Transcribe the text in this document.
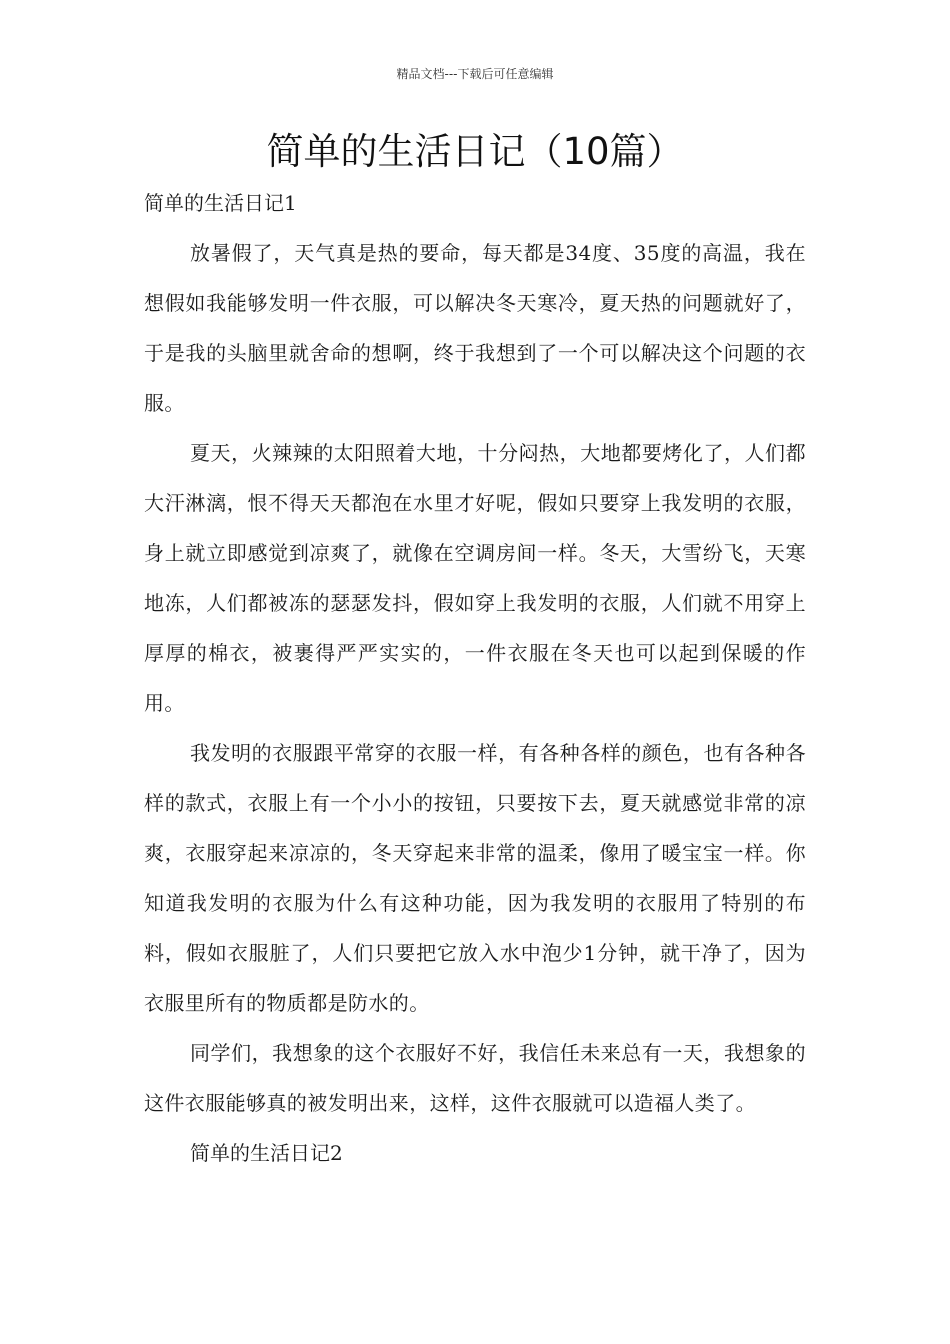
精品文档---下载后可任意编辑
简单的生活日记（10篇）
简单的生活日记1

放暑假了，天气真是热的要命，每天都是34度、35度的高温，我在想假如我能够发明一件衣服，可以解决冬天寒冷，夏天热的问题就好了，于是我的头脑里就舍命的想啊，终于我想到了一个可以解决这个问题的衣服。

夏天，火辣辣的太阳照着大地，十分闷热，大地都要烤化了，人们都大汗淋漓，恨不得天天都泡在水里才好呢，假如只要穿上我发明的衣服，身上就立即感觉到凉爽了，就像在空调房间一样。冬天，大雪纷飞，天寒地冻，人们都被冻的瑟瑟发抖，假如穿上我发明的衣服，人们就不用穿上厚厚的棉衣，被裹得严严实实的，一件衣服在冬天也可以起到保暖的作用。

我发明的衣服跟平常穿的衣服一样，有各种各样的颜色，也有各种各样的款式，衣服上有一个小小的按钮，只要按下去，夏天就感觉非常的凉爽，衣服穿起来凉凉的，冬天穿起来非常的温柔，像用了暖宝宝一样。你知道我发明的衣服为什么有这种功能，因为我发明的衣服用了特别的布料，假如衣服脏了，人们只要把它放入水中泡少1分钟，就干净了，因为衣服里所有的物质都是防水的。

同学们，我想象的这个衣服好不好，我信任未来总有一天，我想象的这件衣服能够真的被发明出来，这样，这件衣服就可以造福人类了。

简单的生活日记2
